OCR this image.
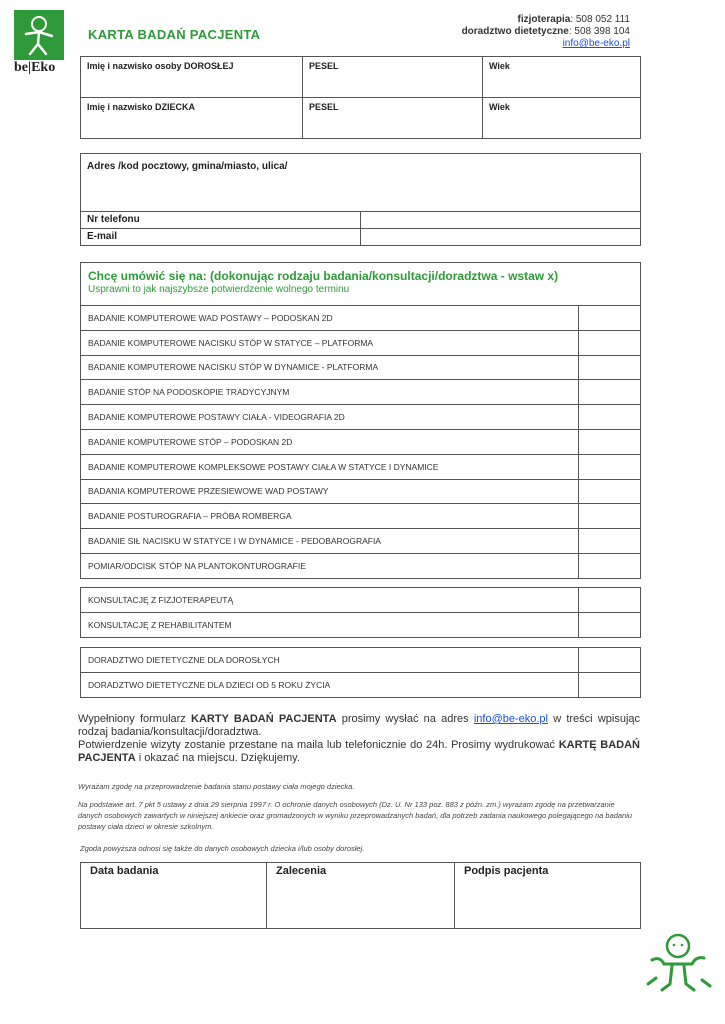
be|Eko
KARTA BADAŃ PACJENTA
fizjoterapia: 508 052 111
doradztwo dietetyczne: 508 398 104
info@be-eko.pl
Imię i nazwisko osoby DOROSŁEJ	PESEL	Wiek
Imię i nazwisko DZIECKA	PESEL	Wiek
Adres /kod pocztowy, gmina/miasto, ulica/	
Nr telefonu	
E-mail	
Chcę umówić się na: (dokonując rodzaju badania/konsultacji/doradztwa - wstaw x)
Usprawni to jak najszybsze potwierdzenie wolnego terminu	

BADANIE KOMPUTEROWE WAD POSTAWY – PODOSKAN 2D	
BADANIE KOMPUTEROWE NACISKU STÓP W STATYCE – PLATFORMA	
BADANIE KOMPUTEROWE NACISKU STÓP W DYNAMICE - PLATFORMA	
BADANIE STÓP NA PODOSKOPIE TRADYCYJNYM	
BADANIE KOMPUTEROWE POSTAWY CIAŁA - VIDEOGRAFIA 2D	
BADANIE KOMPUTEROWE STÓP – PODOSKAN 2D	
BADANIE KOMPUTEROWE KOMPLEKSOWE POSTAWY CIAŁA W STATYCE I DYNAMICE	
BADANIA KOMPUTEROWE PRZESIEWOWE WAD POSTAWY	
BADANIE POSTUROGRAFIA – PRÓBA ROMBERGA	
BADANIE SIŁ NACISKU W STATYCE I W DYNAMICE - PEDOBAROGRAFIA	
POMIAR/ODCISK STÓP NA PLANTOKONTUROGRAFIE	
KONSULTACJĘ Z FIZJOTERAPEUTĄ	
KONSULTACJĘ Z REHABILITANTEM	
DORADZTWO DIETETYCZNE DLA DOROSŁYCH	
DORADZTWO DIETETYCZNE DLA DZIECI OD 5 ROKU ŻYCIA	
Wypełniony formularz KARTY BADAŃ PACJENTA prosimy wysłać na adres info@be-eko.pl w treści wpisując rodzaj badania/konsultacji/doradztwa.
Potwierdzenie wizyty zostanie przestane na maila lub telefonicznie do 24h. Prosimy wydrukować KARTĘ BADAŃ PACJENTA i okazać na miejscu. Dziękujemy.
Wyrażam zgodę na przeprowadzenie badania stanu postawy ciała mojego dziecka.
Na podstawie art. 7 pkt 5 ustawy z dnia 29 sierpnia 1997 r. O ochronie danych osobowych (Dz. U. Nr 133 poz. 883 z późn. zm.) wyrażam zgodę na przetwarzanie danych osobowych zawartych w niniejszej ankiecie oraz gromadzonych w wyniku przeprowadzanych badań, dla potrzeb zadania naukowego polegającego na badaniu postawy ciała dzieci w okresie szkolnym.
Zgoda powyższa odnosi się także do danych osobowych dziecka i/lub osoby dorosłej.
Data badania	Zalecenia	Podpis pacjenta
